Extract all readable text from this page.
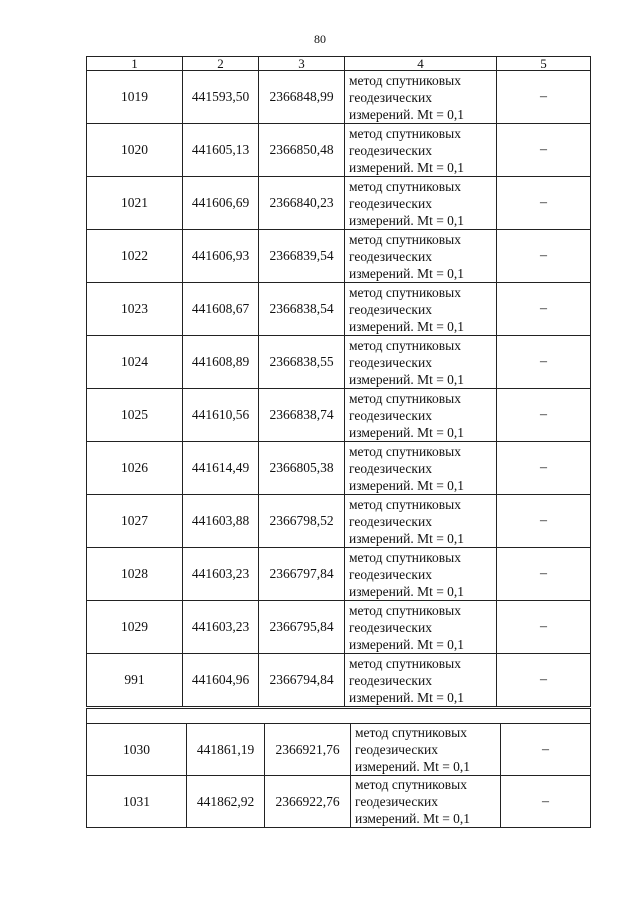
80
1	2	3	4	5
1019	441593,50	2366848,99	метод спутниковых
геодезических
измерений. Mt = 0,1	–
1020	441605,13	2366850,48	метод спутниковых
геодезических
измерений. Mt = 0,1	–
1021	441606,69	2366840,23	метод спутниковых
геодезических
измерений. Mt = 0,1	–
1022	441606,93	2366839,54	метод спутниковых
геодезических
измерений. Mt = 0,1	–
1023	441608,67	2366838,54	метод спутниковых
геодезических
измерений. Mt = 0,1	–
1024	441608,89	2366838,55	метод спутниковых
геодезических
измерений. Mt = 0,1	–
1025	441610,56	2366838,74	метод спутниковых
геодезических
измерений. Mt = 0,1	–
1026	441614,49	2366805,38	метод спутниковых
геодезических
измерений. Mt = 0,1	–
1027	441603,88	2366798,52	метод спутниковых
геодезических
измерений. Mt = 0,1	–
1028	441603,23	2366797,84	метод спутниковых
геодезических
измерений. Mt = 0,1	–
1029	441603,23	2366795,84	метод спутниковых
геодезических
измерений. Mt = 0,1	–
991	441604,96	2366794,84	метод спутниковых
геодезических
измерений. Mt = 0,1	–

1030	441861,19	2366921,76	метод спутниковых
геодезических
измерений. Mt = 0,1	–
1031	441862,92	2366922,76	метод спутниковых
геодезических
измерений. Mt = 0,1	–
